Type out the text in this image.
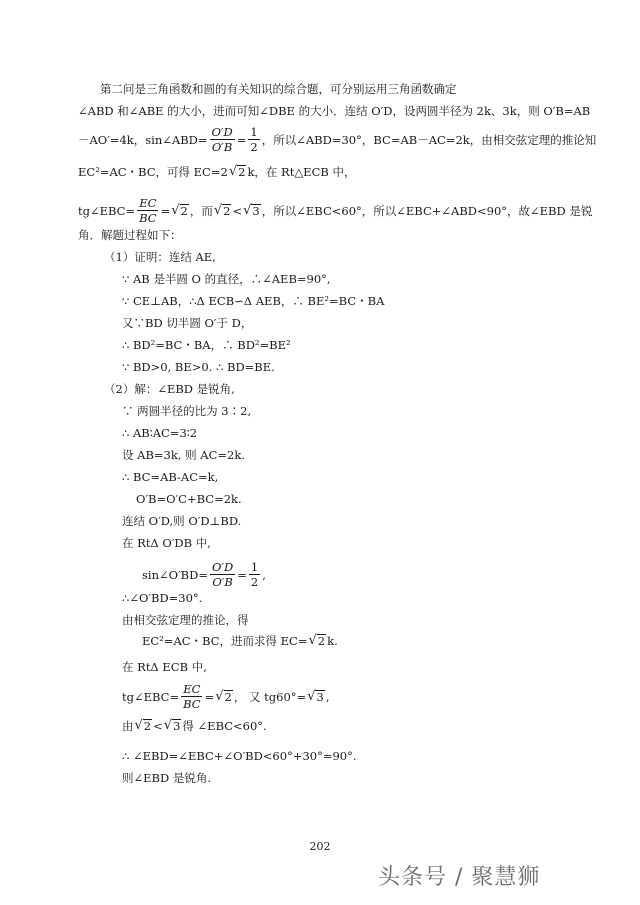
第二问是三角函数和圆的有关知识的综合题，可分别运用三角函数确定
∠ABD 和∠ABE 的大小，进而可知∠DBE 的大小．连结 O′D，设两圆半径为 2k、3k，则 O′B=AB
－AO′=4k，sin∠ABD= $\frac{O'D}{O'B} = \frac{1}{2}$ ，所以∠ABD=30°，BC=AB－AC=2k，由相交弦定理的推论知
EC²=AC・BC，可得 EC=2 √ 2 k，在 Rt△ECB 中，
tg∠EBC= $\frac{EC}{BC}$ = √ 2 ，而 √ 2 < √ 3 ，所以∠EBC<60°，所以∠EBC+∠ABD<90°，故∠EBD 是锐
角．解题过程如下：
（1）证明：连结 AE,
∵ AB 是半圆 O 的直径，∴∠AEB=90°,
∵ CE⊥AB，∴Δ ECB∽Δ AEB，∴ BE²=BC・BA
又∵BD 切半圆 O′于 D，
∴ BD²=BC・BA，∴ BD²=BE²
∵ BD>0, BE>0. ∴ BD=BE.
（2）解：∠EBD 是锐角,
∵ 两圆半径的比为 3∶2,
∴ AB∶AC=3∶2
设 AB=3k, 则 AC=2k.
∴ BC=AB-AC=k,
O′B=O′C+BC=2k.
连结 O′D,则 O′D⊥BD.
在 RtΔ O′DB 中,
sin∠O′BD= $\frac{O'D}{O'B} = \frac{1}{2}$ ,
∴∠O′BD=30°.
由相交弦定理的推论，得
EC²=AC・BC，进而求得 EC= √ 2 k.
在 RtΔ ECB 中,
tg∠EBC= $\frac{EC}{BC}$ = √ 2 ， 又 tg60°= √ 3 ,
由 √ 2 < √ 3 得 ∠EBC<60°.
∴ ∠EBD=∠EBC+∠O′BD<60°+30°=90°.
则∠EBD 是锐角.
202
头条号 / 聚慧狮
